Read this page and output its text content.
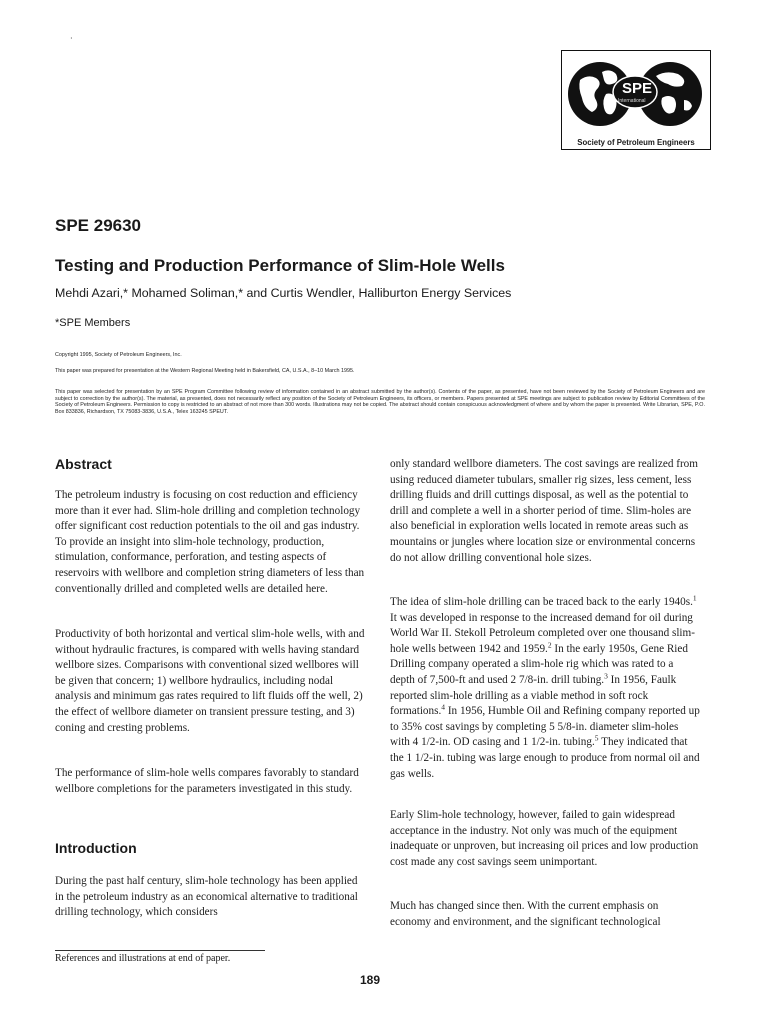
·
SPE
International
Society of Petroleum Engineers
SPE 29630
Testing and Production Performance of Slim-Hole Wells
Mehdi Azari,* Mohamed Soliman,* and Curtis Wendler, Halliburton Energy Services
*SPE Members
Copyright 1995, Society of Petroleum Engineers, Inc.
This paper was prepared for presentation at the Western Regional Meeting held in Bakersfield, CA, U.S.A., 8–10 March 1995.
This paper was selected for presentation by an SPE Program Committee following review of information contained in an abstract submitted by the author(s). Contents of the paper, as presented, have not been reviewed by the Society of Petroleum Engineers and are subject to correction by the author(s). The material, as presented, does not necessarily reflect any position of the Society of Petroleum Engineers, its officers, or members. Papers presented at SPE meetings are subject to publication review by Editorial Committees of the Society of Petroleum Engineers. Permission to copy is restricted to an abstract of not more than 300 words. Illustrations may not be copied. The abstract should contain conspicuous acknowledgment of where and by whom the paper is presented. Write Librarian, SPE, P.O. Box 833836, Richardson, TX 75083-3836, U.S.A., Telex 163245 SPEUT.
Abstract

The petroleum industry is focusing on cost reduction and efficiency more than it ever had. Slim-hole drilling and completion technology offer significant cost reduction potentials to the oil and gas industry. To provide an insight into slim-hole technology, production, stimulation, conformance, perforation, and testing aspects of reservoirs with wellbore and completion string diameters of less than conventionally drilled and completed wells are detailed here.

Productivity of both horizontal and vertical slim-hole wells, with and without hydraulic fractures, is compared with wells having standard wellbore sizes. Comparisons with conventional sized wellbores will be given that concern; 1) wellbore hydraulics, including nodal analysis and minimum gas rates required to lift fluids off the well, 2) the effect of wellbore diameter on transient pressure testing, and 3) coning and cresting problems.

The performance of slim-hole wells compares favorably to standard wellbore completions for the parameters investigated in this study.

Introduction

During the past half century, slim-hole technology has been applied in the petroleum industry as an economical alternative to traditional drilling technology, which considers

only standard wellbore diameters. The cost savings are realized from using reduced diameter tubulars, smaller rig sizes, less cement, less drilling fluids and drill cuttings disposal, as well as the potential to drill and complete a well in a shorter period of time. Slim-holes are also beneficial in exploration wells located in remote areas such as mountains or jungles where location size or environmental concerns do not allow drilling conventional hole sizes.

The idea of slim-hole drilling can be traced back to the early 1940s.$^1$ It was developed in response to the increased demand for oil during World War II. Stekoll Petroleum completed over one thousand slim-hole wells between 1942 and 1959.$^2$ In the early 1950s, Gene Ried Drilling company operated a slim-hole rig which was rated to a depth of 7,500-ft and used 2 7/8-in. drill tubing.$^3$ In 1956, Faulk reported slim-hole drilling as a viable method in soft rock formations.$^4$ In 1956, Humble Oil and Refining company reported up to 35% cost savings by completing 5 5/8-in. diameter slim-holes with 4 1/2-in. OD casing and 1 1/2-in. tubing.$^5$ They indicated that the 1 1/2-in. tubing was large enough to produce from normal oil and gas wells.

Early Slim-hole technology, however, failed to gain widespread acceptance in the industry. Not only was much of the equipment inadequate or unproven, but increasing oil prices and low production cost made any cost savings seem unimportant.

Much has changed since then. With the current emphasis on economy and environment, and the significant technological

References and illustrations at end of paper.
189
